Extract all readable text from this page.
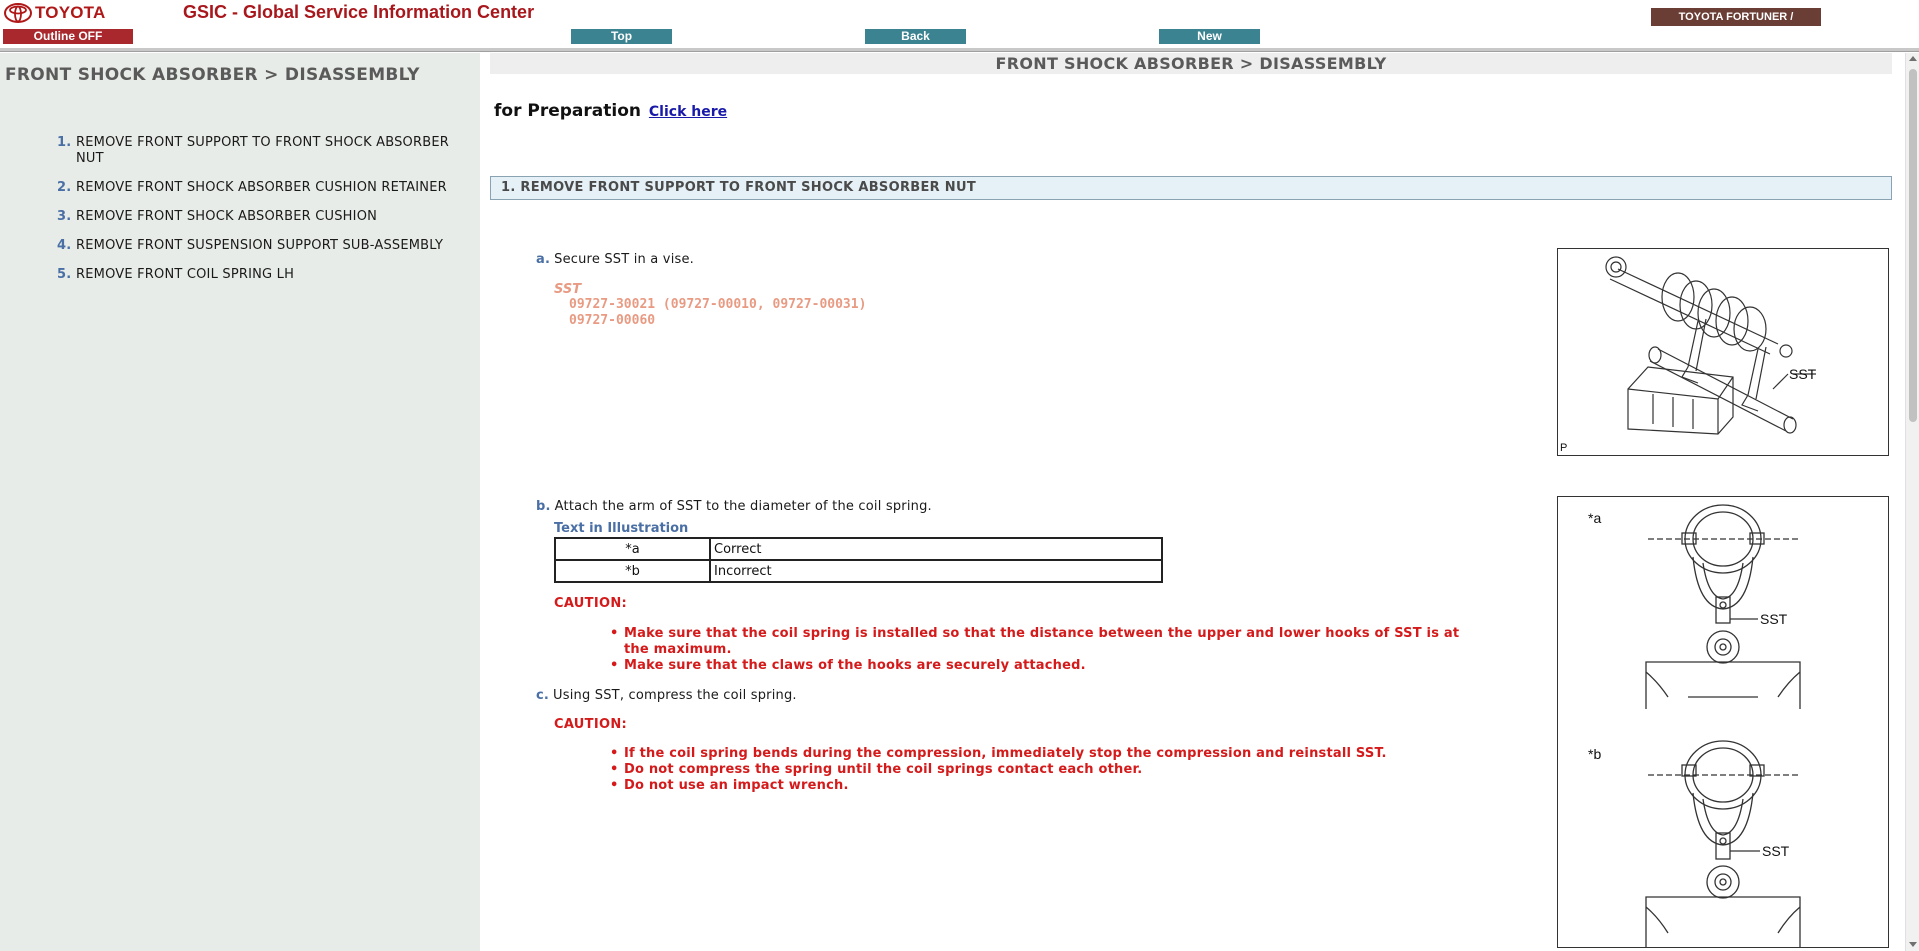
TOYOTA	GSIC - Global Service Information Center
Outline OFF	Top	Back	New
TOYOTA FORTUNER /
FRONT SHOCK ABSORBER > DISASSEMBLY
1. REMOVE FRONT SUPPORT TO FRONT SHOCK ABSORBER NUT
2. REMOVE FRONT SHOCK ABSORBER CUSHION RETAINER
3. REMOVE FRONT SHOCK ABSORBER CUSHION
4. REMOVE FRONT SUSPENSION SUPPORT SUB-ASSEMBLY
5. REMOVE FRONT COIL SPRING LH
FRONT SHOCK ABSORBER > DISASSEMBLY
for Preparation Click here
1. REMOVE FRONT SUPPORT TO FRONT SHOCK ABSORBER NUT
a. Secure SST in a vise.
SST
09727-30021 (09727-00010, 09727-00031)
09727-00060
SST
P
b. Attach the arm of SST to the diameter of the coil spring.
Text in Illustration
*a	Correct
*b	Incorrect
CAUTION:
• Make sure that the coil spring is installed so that the distance between the upper and lower hooks of SST is at the maximum.
• Make sure that the claws of the hooks are securely attached.
c. Using SST, compress the coil spring.
CAUTION:
• If the coil spring bends during the compression, immediately stop the compression and reinstall SST.
• Do not compress the spring until the coil springs contact each other.
• Do not use an impact wrench.
*a
*b
SST
SST
